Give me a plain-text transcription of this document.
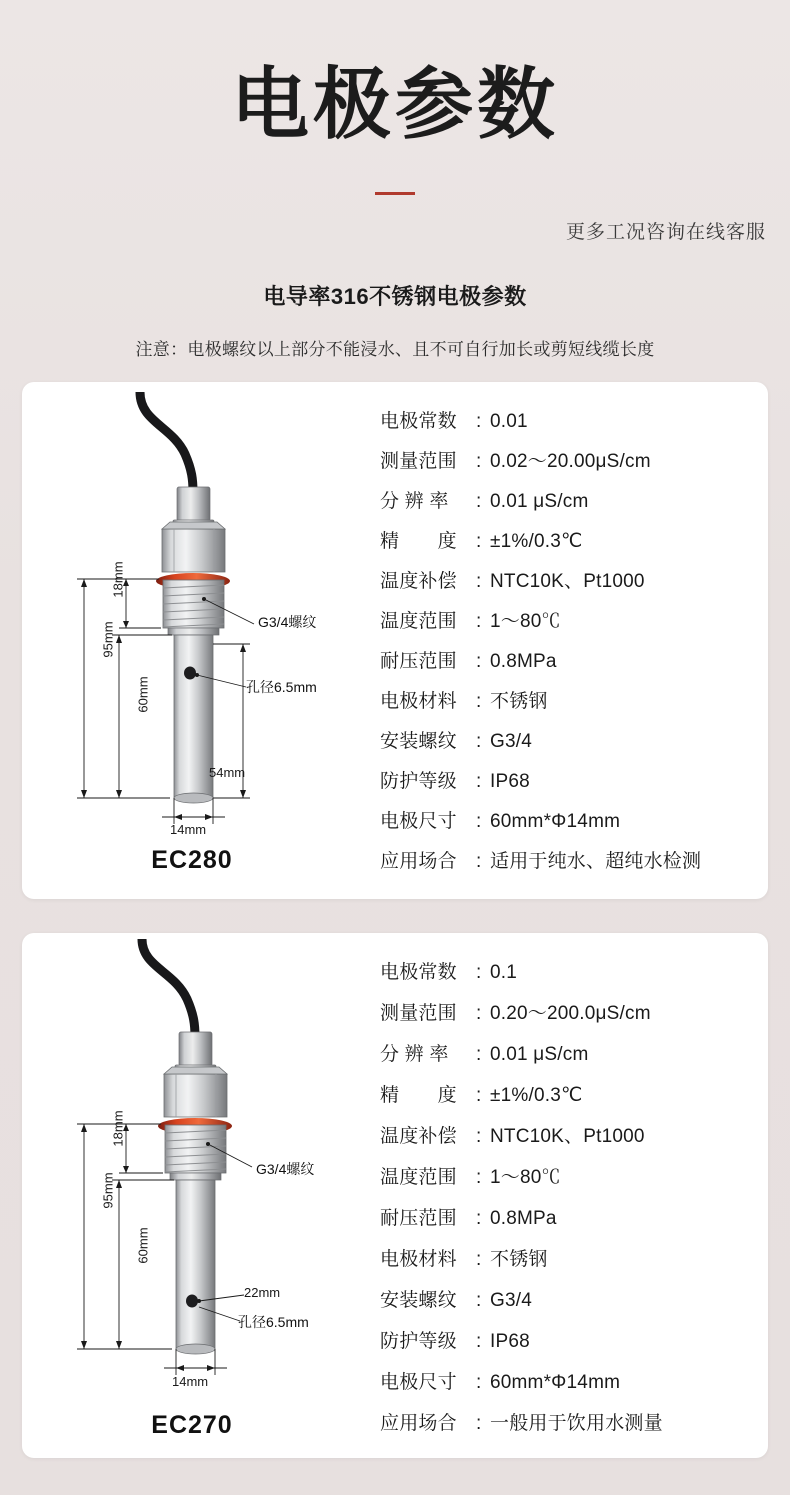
电极参数
更多工况咨询在线客服
电导率316不锈钢电极参数
注意：电极螺纹以上部分不能浸水、且不可自行加长或剪短线缆长度
95mm
18mm
60mm
54mm
14mm
G3/4螺纹
孔径6.5mm
EC280
电极常数	: 0.01
测量范围	: 0.02～20.00μS/cm
分 辨 率	: 0.01 μS/cm
精　　度	: ±1%/0.3℃
温度补偿	: NTC10K、Pt1000
温度范围	: 1～80℃
耐压范围	: 0.8MPa
电极材料	: 不锈钢
安装螺纹	: G3/4
防护等级	: IP68
电极尺寸	: 60mm*Φ14mm
应用场合	: 适用于纯水、超纯水检测
95mm
18mm
60mm
22mm
14mm
G3/4螺纹
孔径6.5mm
EC270
电极常数	: 0.1
测量范围	: 0.20～200.0μS/cm
分 辨 率	: 0.01 μS/cm
精　　度	: ±1%/0.3℃
温度补偿	: NTC10K、Pt1000
温度范围	: 1～80℃
耐压范围	: 0.8MPa
电极材料	: 不锈钢
安装螺纹	: G3/4
防护等级	: IP68
电极尺寸	: 60mm*Φ14mm
应用场合	: 一般用于饮用水测量
